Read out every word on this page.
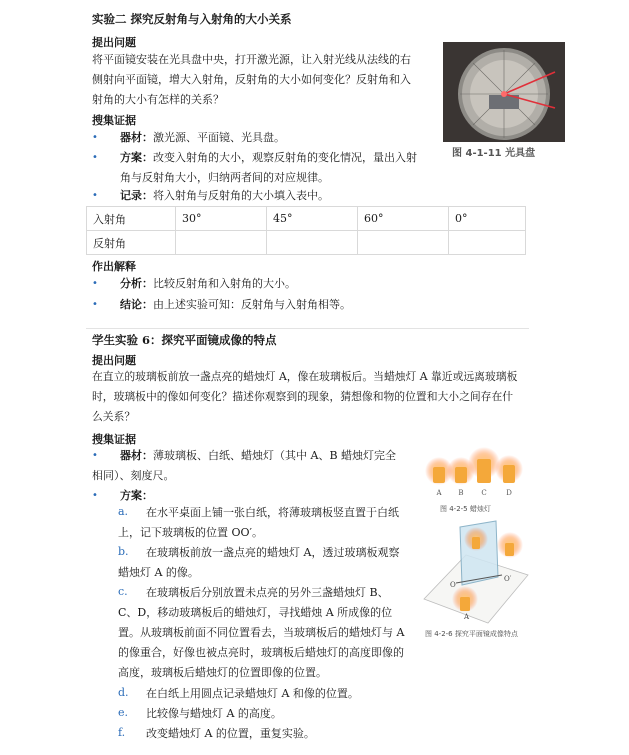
实验二 探究反射角与入射角的大小关系
提出问题
将平面镜安装在光具盘中央，打开激光源，让入射光线从法线的右
侧射向平面镜，增大入射角，反射角的大小如何变化？反射角和入
射角的大小有怎样的关系？
搜集证据
• 器材：激光源、平面镜、光具盘。
• 方案：改变入射角的大小，观察反射角的变化情况，量出入射
角与反射角大小，归纳两者间的对应规律。
• 记录：将入射角与反射角的大小填入表中。
图 4-1-11 光具盘
入射角	30°	45°	60°	0°
反射角				
作出解释
• 分析：比较反射角和入射角的大小。
• 结论：由上述实验可知：反射角与入射角相等。
学生实验 6：探究平面镜成像的特点
提出问题
在直立的玻璃板前放一盏点亮的蜡烛灯 A，像在玻璃板后。当蜡烛灯 A 靠近或远离玻璃板
时，玻璃板中的像如何变化？描述你观察到的现象，猜想像和物的位置和大小之间存在什
么关系？
搜集证据
• 器材：薄玻璃板、白纸、蜡烛灯（其中 A、B 蜡烛灯完全
相同）、刻度尺。
• 方案：
a. 在水平桌面上铺一张白纸，将薄玻璃板竖直置于白纸
上，记下玻璃板的位置 OO′。
b. 在玻璃板前放一盏点亮的蜡烛灯 A，透过玻璃板观察
蜡烛灯 A 的像。
c. 在玻璃板后分别放置未点亮的另外三盏蜡烛灯 B、
C、D，移动玻璃板后的蜡烛灯，寻找蜡烛 A 所成像的位
置。从玻璃板前面不同位置看去，当玻璃板后的蜡烛灯与 A
的像重合，好像也被点亮时，玻璃板后蜡烛灯的高度即像的
高度，玻璃板后蜡烛灯的位置即像的位置。
d. 在白纸上用圆点记录蜡烛灯 A 和像的位置。
e. 比较像与蜡烛灯 A 的高度。
f. 改变蜡烛灯 A 的位置，重复实验。
A B	C	D
图 4-2-5 蜡烛灯
A
O
O′
图 4-2-6 探究平面镜成像特点
